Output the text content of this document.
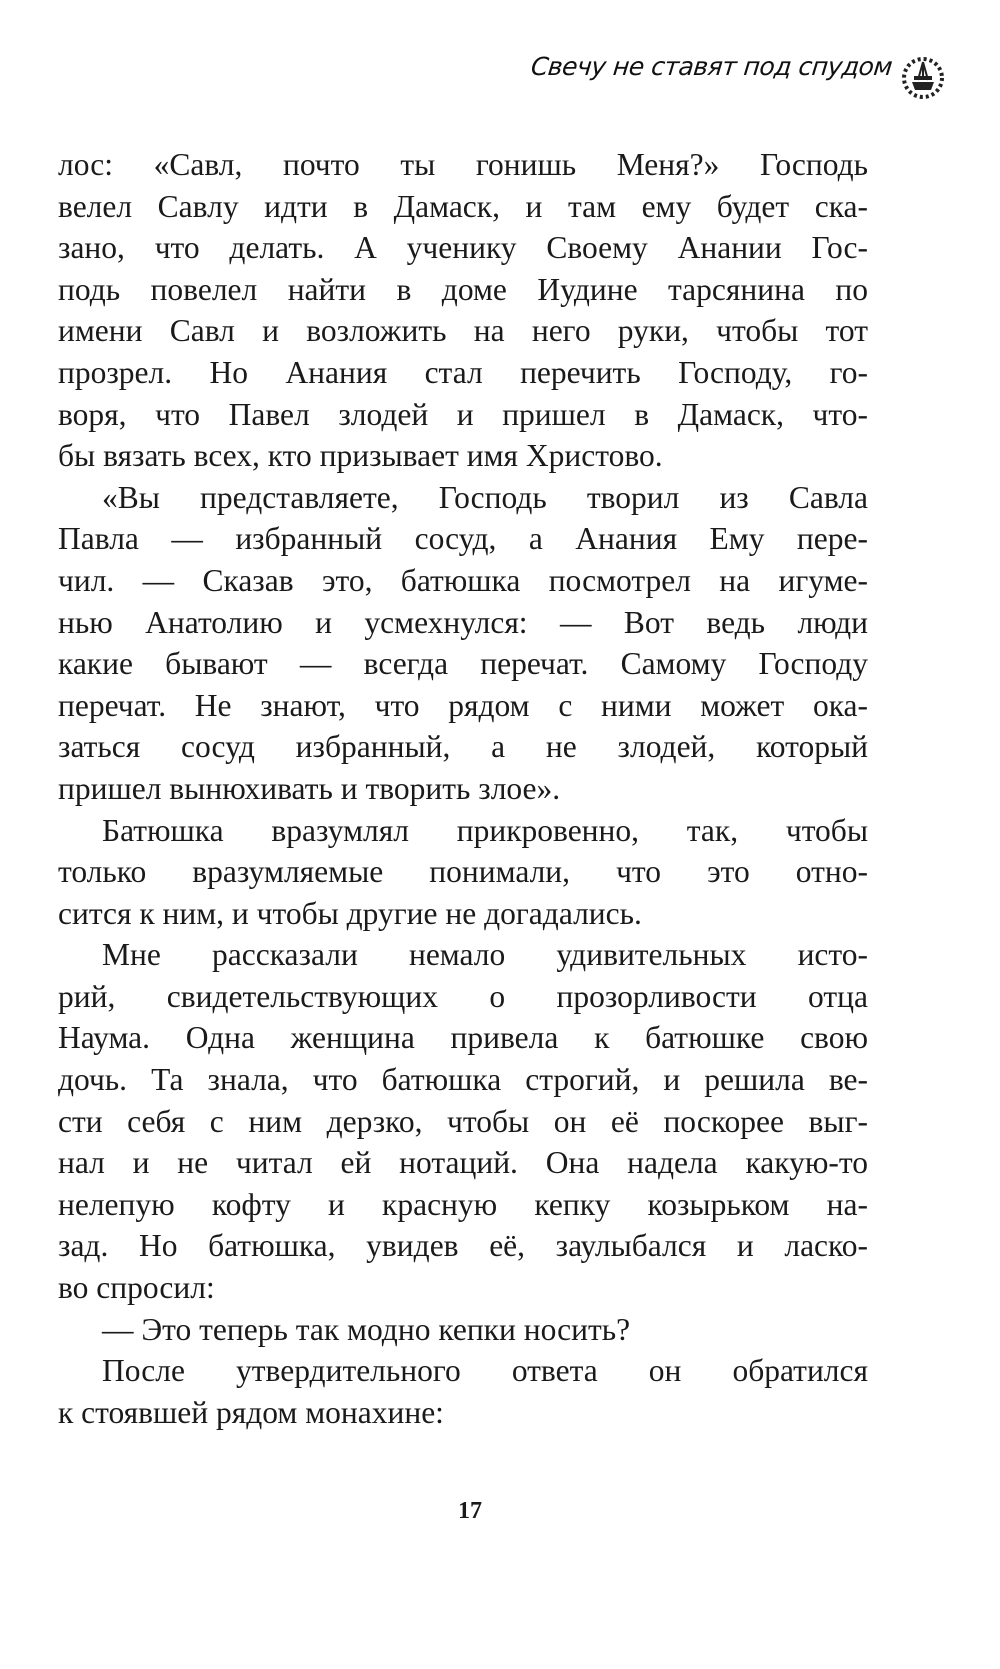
Свечу не ставят под спудом
лос: «Савл, почто ты гонишь Меня?» Господь
велел Савлу идти в Дамаск, и там ему будет ска-
зано, что делать. А ученику Своему Анании Гос-
подь повелел найти в доме Иудине тарсянина по
имени Савл и возложить на него руки, чтобы тот
прозрел. Но Анания стал перечить Господу, го-
воря, что Павел злодей и пришел в Дамаск, что-
бы вязать всех, кто призывает имя Христово.
«Вы представляете, Господь творил из Савла
Павла — избранный сосуд, а Анания Ему пере-
чил. — Сказав это, батюшка посмотрел на игуме-
нью Анатолию и усмехнулся: — Вот ведь люди
какие бывают — всегда перечат. Самому Господу
перечат. Не знают, что рядом с ними может ока-
заться сосуд избранный, а не злодей, который
пришел вынюхивать и творить злое».
Батюшка вразумлял прикровенно, так, чтобы
только вразумляемые понимали, что это отно-
сится к ним, и чтобы другие не догадались.
Мне рассказали немало удивительных исто-
рий, свидетельствующих о прозорливости отца
Наума. Одна женщина привела к батюшке свою
дочь. Та знала, что батюшка строгий, и решила ве-
сти себя с ним дерзко, чтобы он её поскорее выг-
нал и не читал ей нотаций. Она надела какую-то
нелепую кофту и красную кепку козырьком на-
зад. Но батюшка, увидев её, заулыбался и ласко-
во спросил:
— Это теперь так модно кепки носить?
После утвердительного ответа он обратился
к стоявшей рядом монахине:
17
